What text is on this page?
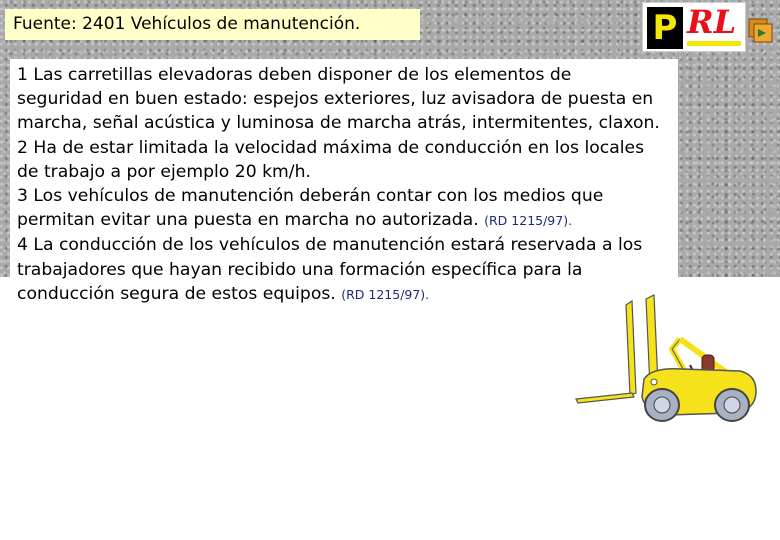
Fuente: 2401 Vehículos de manutención.	P RL
1 Las carretillas elevadoras deben disponer de los elementos de
seguridad en buen estado: espejos exteriores, luz avisadora de puesta en
marcha, señal acústica y luminosa de marcha atrás, intermitentes, claxon.
2 Ha de estar limitada la velocidad máxima de conducción en los locales
de trabajo a por ejemplo 20 km/h.
3 Los vehículos de manutención deberán contar con los medios que
permitan evitar una puesta en marcha no autorizada. (RD 1215/97).
4 La conducción de los vehículos de manutención estará reservada a los
trabajadores que hayan recibido una formación específica para la
conducción segura de estos equipos. (RD 1215/97).
